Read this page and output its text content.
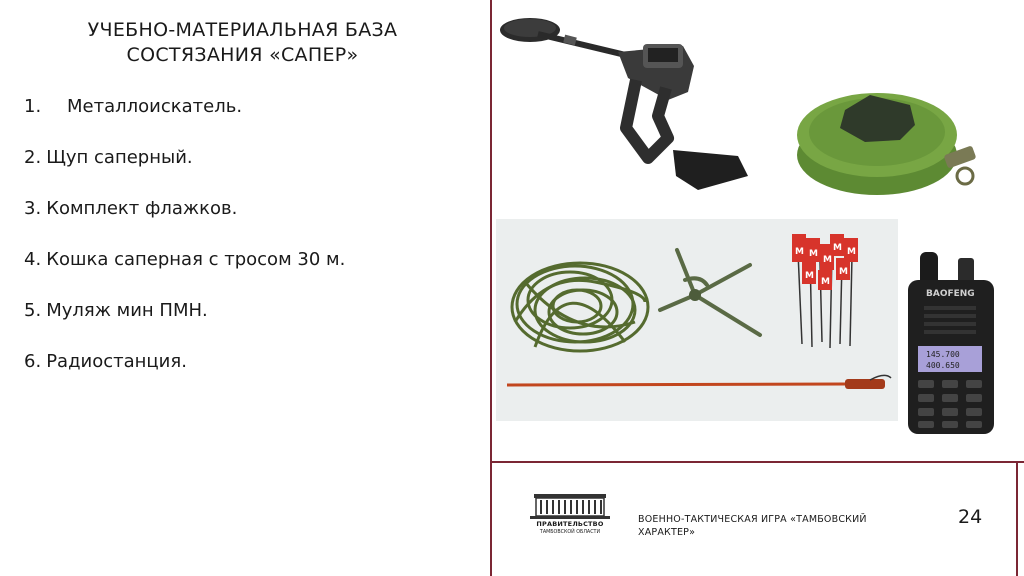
УЧЕБНО-МАТЕРИАЛЬНАЯ БАЗА
СОСТЯЗАНИЯ «САПЕР»
1. Металлоискатель.
2. Щуп саперный.
3. Комплект флажков.
4. Кошка саперная с тросом 30 м.
5. Муляж мин ПМН.
6. Радиостанция.
М М
М
М М
М
М
М
BAOFENG
145.700
400.650
ПРАВИТЕЛЬСТВО
ТАМБОВСКОЙ ОБЛАСТИ
ВОЕННО-ТАКТИЧЕСКАЯ ИГРА «ТАМБОВСКИЙ
ХАРАКТЕР»
24
